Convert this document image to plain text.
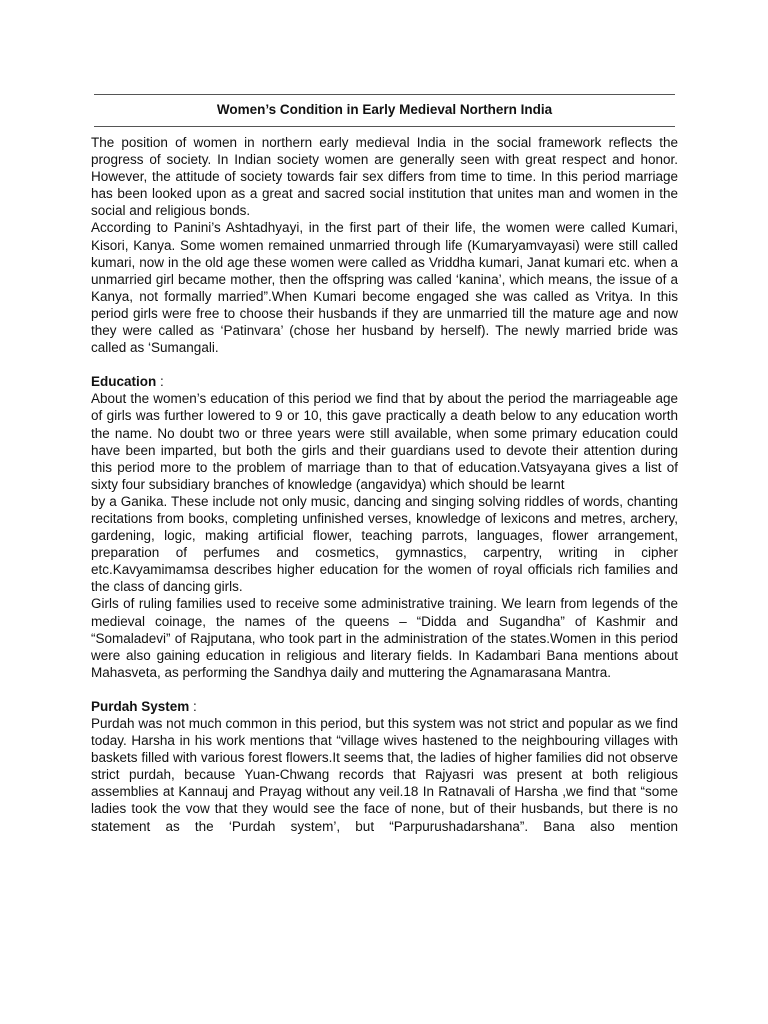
Women’s Condition in Early Medieval Northern India

The position of women in northern early medieval India in the social framework reflects the progress of society. In Indian society women are generally seen with great respect and honor. However, the attitude of society towards fair sex differs from time to time. In this period marriage has been looked upon as a great and sacred social institution that unites man and women in the social and religious bonds.

According to Panini’s Ashtadhyayi, in the first part of their life, the women were called Kumari, Kisori, Kanya. Some women remained unmarried through life (Kumaryamvayasi) were still called kumari, now in the old age these women were called as Vriddha kumari, Janat kumari etc. when a unmarried girl became mother, then the offspring was called ‘kanina’, which means, the issue of a Kanya, not formally married”.When Kumari become engaged she was called as Vritya. In this period girls were free to choose their husbands if they are unmarried till the mature age and now they were called as ‘Patinvara’ (chose her husband by herself). The newly married bride was called as ‘Sumangali.

Education :

About the women’s education of this period we find that by about the period the marriageable age of girls was further lowered to 9 or 10, this gave practically a death below to any education worth the name. No doubt two or three years were still available, when some primary education could have been imparted, but both the girls and their guardians used to devote their attention during this period more to the problem of marriage than to that of education.Vatsyayana gives a list of sixty four subsidiary branches of knowledge (angavidya) which should be learnt

by a Ganika. These include not only music, dancing and singing solving riddles of words, chanting recitations from books, completing unfinished verses, knowledge of lexicons and metres, archery, gardening, logic, making artificial flower, teaching parrots, languages, flower arrangement, preparation of perfumes and cosmetics, gymnastics, carpentry, writing in cipher etc.Kavyamimamsa describes higher education for the women of royal officials rich families and the class of dancing girls.

Girls of ruling families used to receive some administrative training. We learn from legends of the medieval coinage, the names of the queens – “Didda and Sugandha” of Kashmir and “Somaladevi” of Rajputana, who took part in the administration of the states.Women in this period were also gaining education in religious and literary fields. In Kadambari Bana mentions about Mahasveta, as performing the Sandhya daily and muttering the Agnamarasana Mantra.

Purdah System :

Purdah was not much common in this period, but this system was not strict and popular as we find today. Harsha in his work mentions that “village wives hastened to the neighbouring villages with baskets filled with various forest flowers.It seems that, the ladies of higher families did not observe strict purdah, because Yuan-Chwang records that Rajyasri was present at both religious assemblies at Kannauj and Prayag without any veil.18 In Ratnavali of Harsha ,we find that “some ladies took the vow that they would see the face of none, but of their husbands, but there is no statement as the ‘Purdah system’, but “Parpurushadarshana”. Bana also mention
